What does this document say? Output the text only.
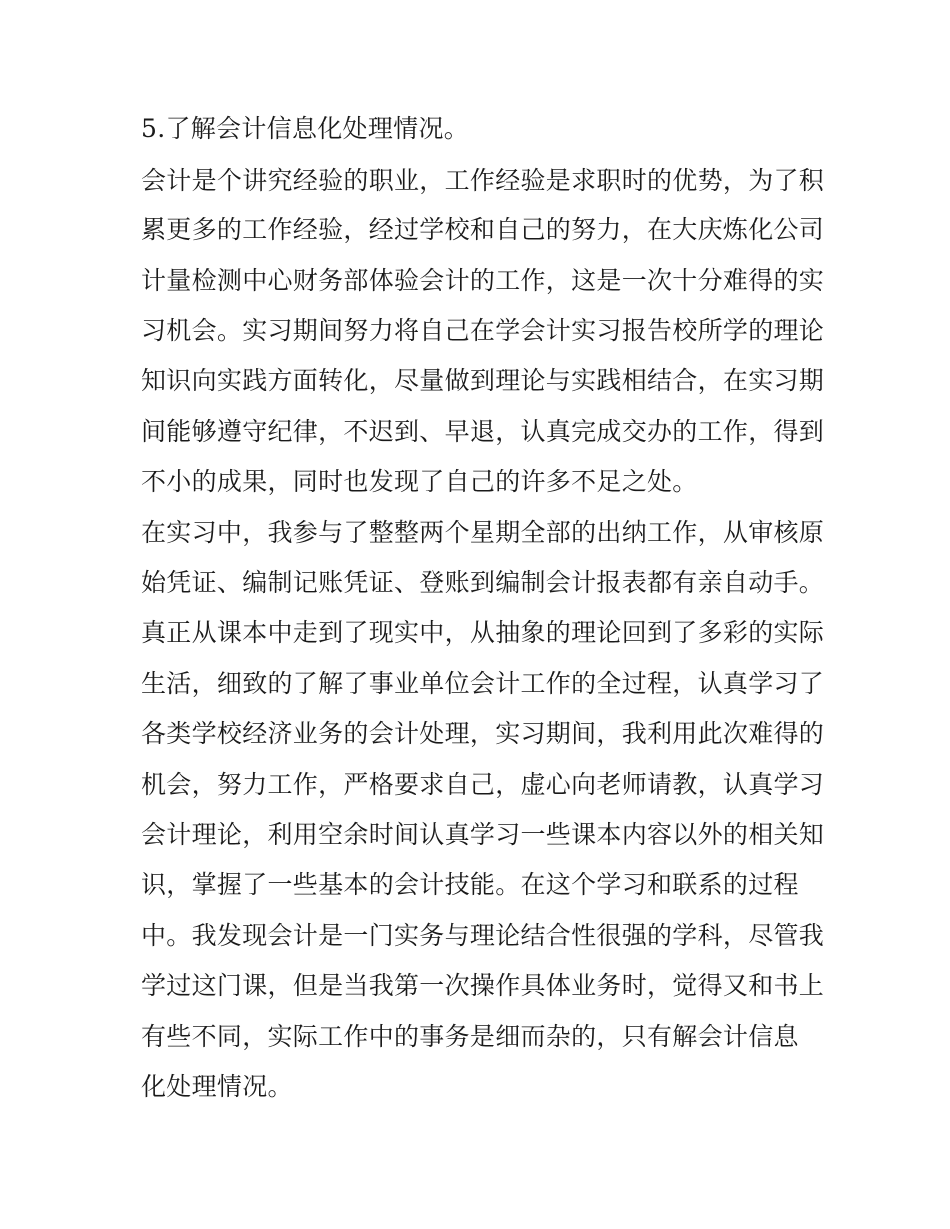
5.了解会计信息化处理情况。
会计是个讲究经验的职业，工作经验是求职时的优势，为了积
累更多的工作经验，经过学校和自己的努力，在大庆炼化公司
计量检测中心财务部体验会计的工作，这是一次十分难得的实
习机会。实习期间努力将自己在学会计实习报告校所学的理论
知识向实践方面转化，尽量做到理论与实践相结合，在实习期
间能够遵守纪律，不迟到、早退，认真完成交办的工作，得到
不小的成果，同时也发现了自己的许多不足之处。
在实习中，我参与了整整两个星期全部的出纳工作，从审核原
始凭证、编制记账凭证、登账到编制会计报表都有亲自动手。
真正从课本中走到了现实中，从抽象的理论回到了多彩的实际
生活，细致的了解了事业单位会计工作的全过程，认真学习了
各类学校经济业务的会计处理，实习期间，我利用此次难得的
机会，努力工作，严格要求自己，虚心向老师请教，认真学习
会计理论，利用空余时间认真学习一些课本内容以外的相关知
识，掌握了一些基本的会计技能。在这个学习和联系的过程
中。我发现会计是一门实务与理论结合性很强的学科，尽管我
学过这门课，但是当我第一次操作具体业务时，觉得又和书上
有些不同，实际工作中的事务是细而杂的，只有解会计信息
化处理情况。
